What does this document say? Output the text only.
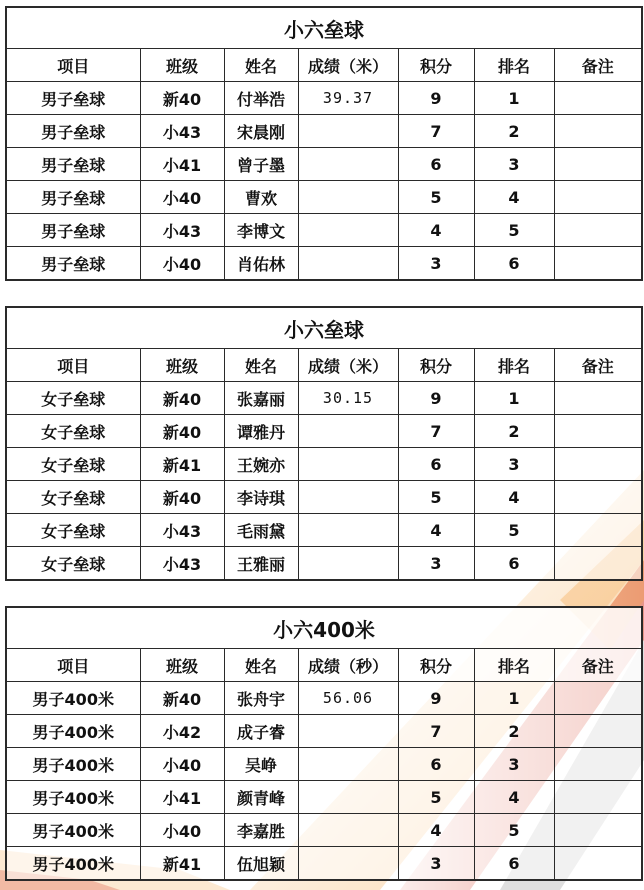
小六垒球						
项目	班级	姓名	成绩（米）	积分	排名	备注
男子垒球	新40	付举浩	39.37	9	1	
男子垒球	小43	宋晨刚		7	2	
男子垒球	小41	曾子墨		6	3	
男子垒球	小40	曹欢		5	4	
男子垒球	小43	李博文		4	5	
男子垒球	小40	肖佑林		3	6	
小六垒球						
项目	班级	姓名	成绩（米）	积分	排名	备注
女子垒球	新40	张嘉丽	30.15	9	1	
女子垒球	新40	谭雅丹		7	2	
女子垒球	新41	王婉亦		6	3	
女子垒球	新40	李诗琪		5	4	
女子垒球	小43	毛雨黛		4	5	
女子垒球	小43	王雅丽		3	6	
小六400米						
项目	班级	姓名	成绩（秒）	积分	排名	备注
男子400米	新40	张舟宇	56.06	9	1	
男子400米	小42	成子睿		7	2	
男子400米	小40	吴峥		6	3	
男子400米	小41	颜青峰		5	4	
男子400米	小40	李嘉胜		4	5	
男子400米	新41	伍旭颖		3	6	
